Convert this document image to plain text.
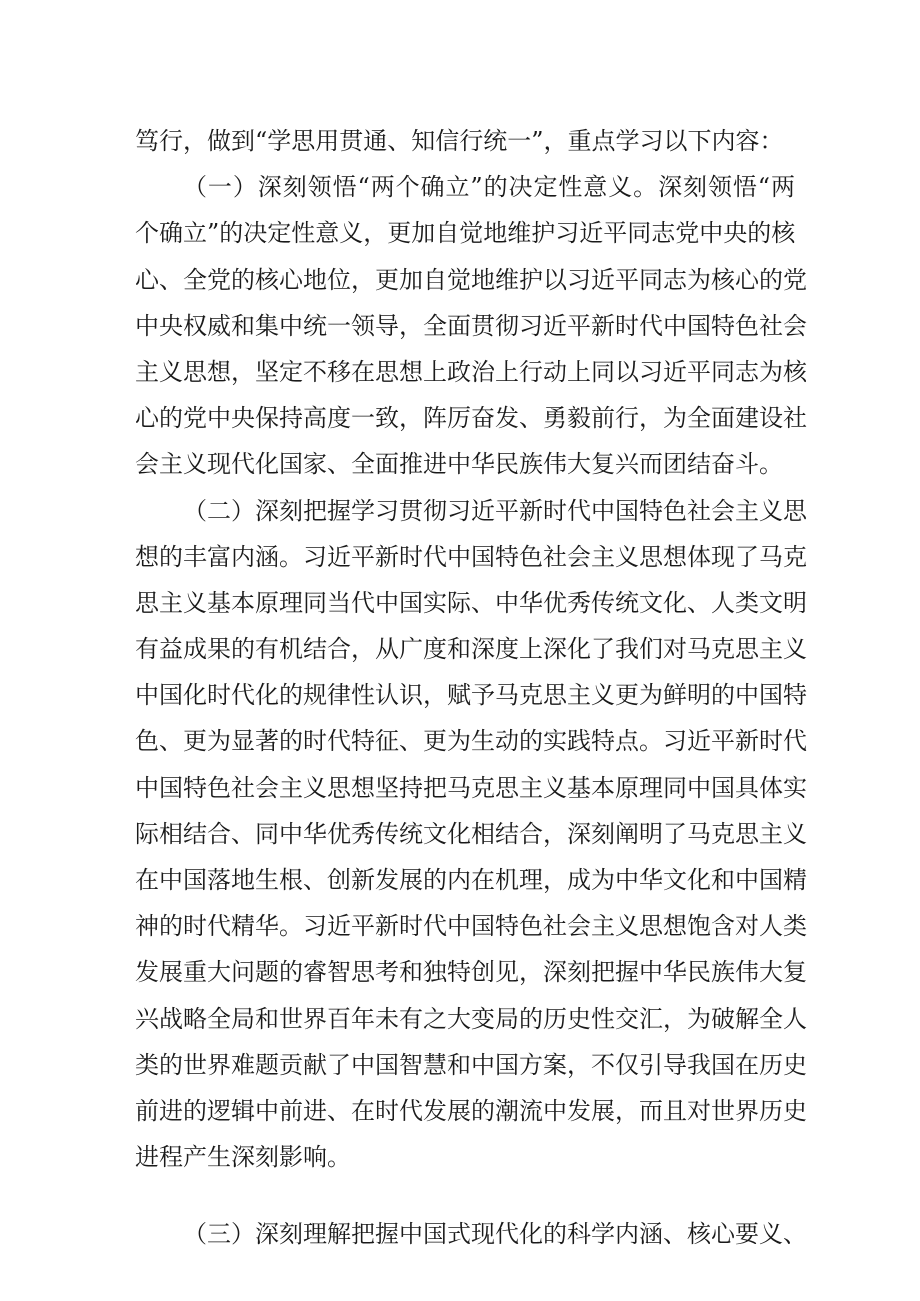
笃行，做到“学思用贯通、知信行统一”，重点学习以下内容：
（一）深刻领悟“两个确立”的决定性意义。深刻领悟“两
个确立”的决定性意义，更加自觉地维护习近平同志党中央的核
心、全党的核心地位，更加自觉地维护以习近平同志为核心的党
中央权威和集中统一领导，全面贯彻习近平新时代中国特色社会
主义思想，坚定不移在思想上政治上行动上同以习近平同志为核
心的党中央保持高度一致，阵厉奋发、勇毅前行，为全面建设社
会主义现代化国家、全面推进中华民族伟大复兴而团结奋斗。
（二）深刻把握学习贯彻习近平新时代中国特色社会主义思
想的丰富内涵。习近平新时代中国特色社会主义思想体现了马克
思主义基本原理同当代中国实际、中华优秀传统文化、人类文明
有益成果的有机结合，从广度和深度上深化了我们对马克思主义
中国化时代化的规律性认识，赋予马克思主义更为鲜明的中国特
色、更为显著的时代特征、更为生动的实践特点。习近平新时代
中国特色社会主义思想坚持把马克思主义基本原理同中国具体实
际相结合、同中华优秀传统文化相结合，深刻阐明了马克思主义
在中国落地生根、创新发展的内在机理，成为中华文化和中国精
神的时代精华。习近平新时代中国特色社会主义思想饱含对人类
发展重大问题的睿智思考和独特创见，深刻把握中华民族伟大复
兴战略全局和世界百年未有之大变局的历史性交汇，为破解全人
类的世界难题贡献了中国智慧和中国方案，不仅引导我国在历史
前进的逻辑中前进、在时代发展的潮流中发展，而且对世界历史
进程产生深刻影响。
（三）深刻理解把握中国式现代化的科学内涵、核心要义、
